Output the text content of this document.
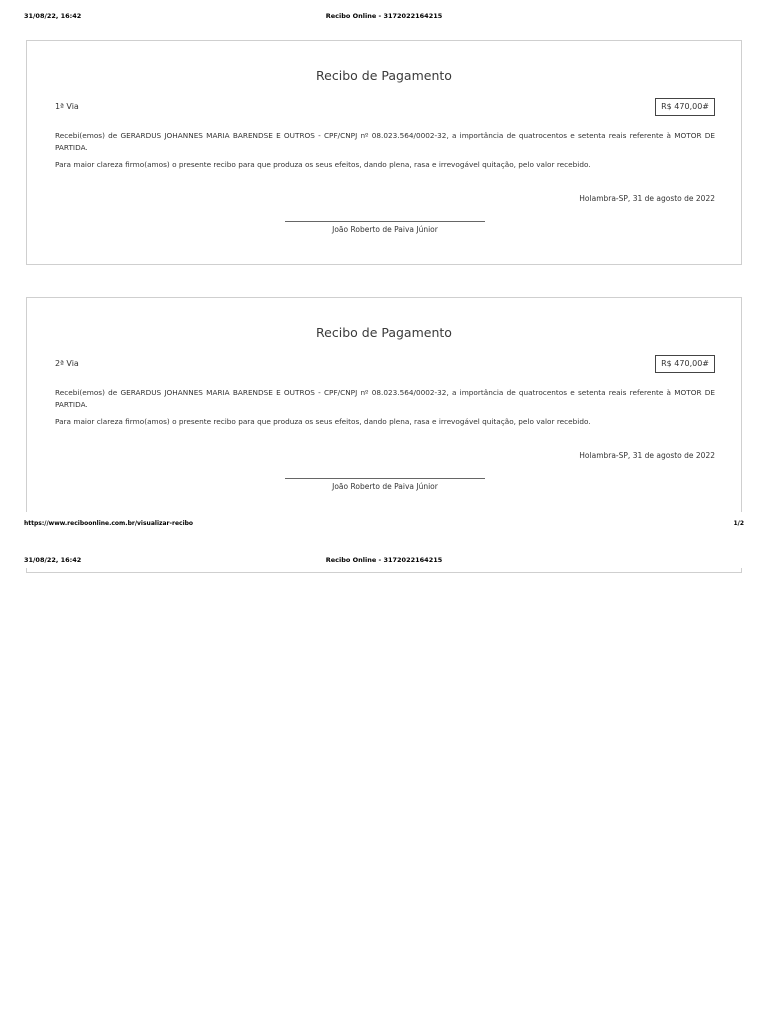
31/08/22, 16:42	Recibo Online - 3172022164215
Recibo de Pagamento
1ª Via	R$ 470,00#

Recebi(emos) de GERARDUS JOHANNES MARIA BARENDSE E OUTROS - CPF/CNPJ nº 08.023.564/0002-32, a importância de quatrocentos e setenta reais referente à MOTOR DE PARTIDA.

Para maior clareza firmo(amos) o presente recibo para que produza os seus efeitos, dando plena, rasa e irrevogável quitação, pelo valor recebido.

Holambra-SP, 31 de agosto de 2022
João Roberto de Paiva Júnior
Recibo de Pagamento
2ª Via	R$ 470,00#

Recebi(emos) de GERARDUS JOHANNES MARIA BARENDSE E OUTROS - CPF/CNPJ nº 08.023.564/0002-32, a importância de quatrocentos e setenta reais referente à MOTOR DE PARTIDA.

Para maior clareza firmo(amos) o presente recibo para que produza os seus efeitos, dando plena, rasa e irrevogável quitação, pelo valor recebido.

Holambra-SP, 31 de agosto de 2022
João Roberto de Paiva Júnior
https://www.reciboonline.com.br/visualizar-recibo	1/2
31/08/22, 16:42	Recibo Online - 3172022164215
